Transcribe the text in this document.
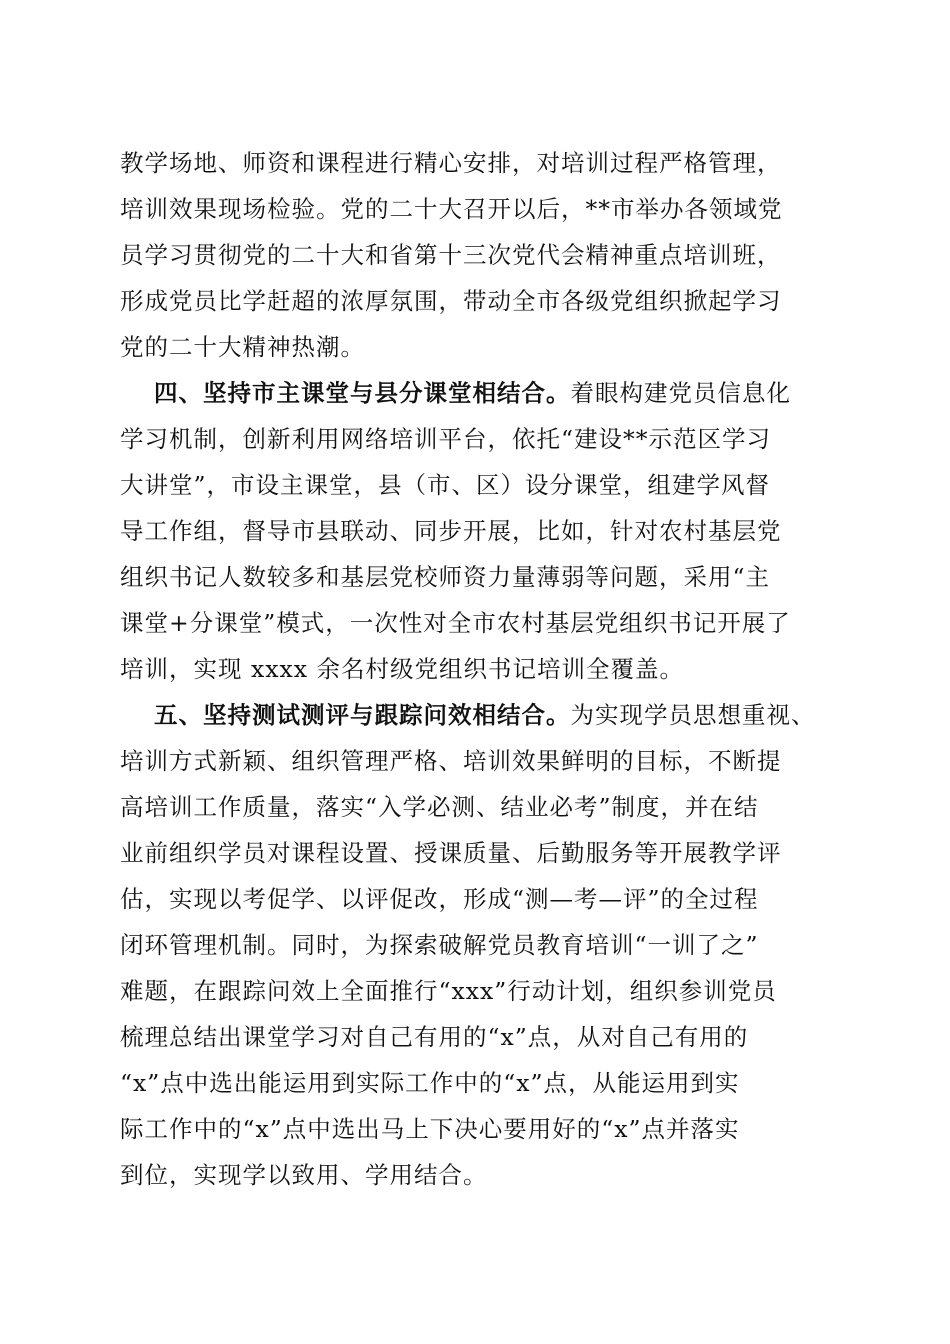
教学场地、师资和课程进行精心安排，对培训过程严格管理，
培训效果现场检验。党的二十大召开以后，**市举办各领域党
员学习贯彻党的二十大和省第十三次党代会精神重点培训班，
形成党员比学赶超的浓厚氛围，带动全市各级党组织掀起学习
党的二十大精神热潮。
四、坚持市主课堂与县分课堂相结合。着眼构建党员信息化
学习机制，创新利用网络培训平台，依托“建设**示范区学习
大讲堂”，市设主课堂，县（市、区）设分课堂，组建学风督
导工作组，督导市县联动、同步开展，比如，针对农村基层党
组织书记人数较多和基层党校师资力量薄弱等问题，采用“主
课堂+分课堂”模式，一次性对全市农村基层党组织书记开展了
培训，实现 xxxx 余名村级党组织书记培训全覆盖。
五、坚持测试测评与跟踪问效相结合。为实现学员思想重视、
培训方式新颖、组织管理严格、培训效果鲜明的目标，不断提
高培训工作质量，落实“入学必测、结业必考”制度，并在结
业前组织学员对课程设置、授课质量、后勤服务等开展教学评
估，实现以考促学、以评促改，形成“测—考—评”的全过程
闭环管理机制。同时，为探索破解党员教育培训“一训了之”
难题，在跟踪问效上全面推行“xxx”行动计划，组织参训党员
梳理总结出课堂学习对自己有用的“x”点，从对自己有用的
“x”点中选出能运用到实际工作中的“x”点，从能运用到实
际工作中的“x”点中选出马上下决心要用好的“x”点并落实
到位，实现学以致用、学用结合。
